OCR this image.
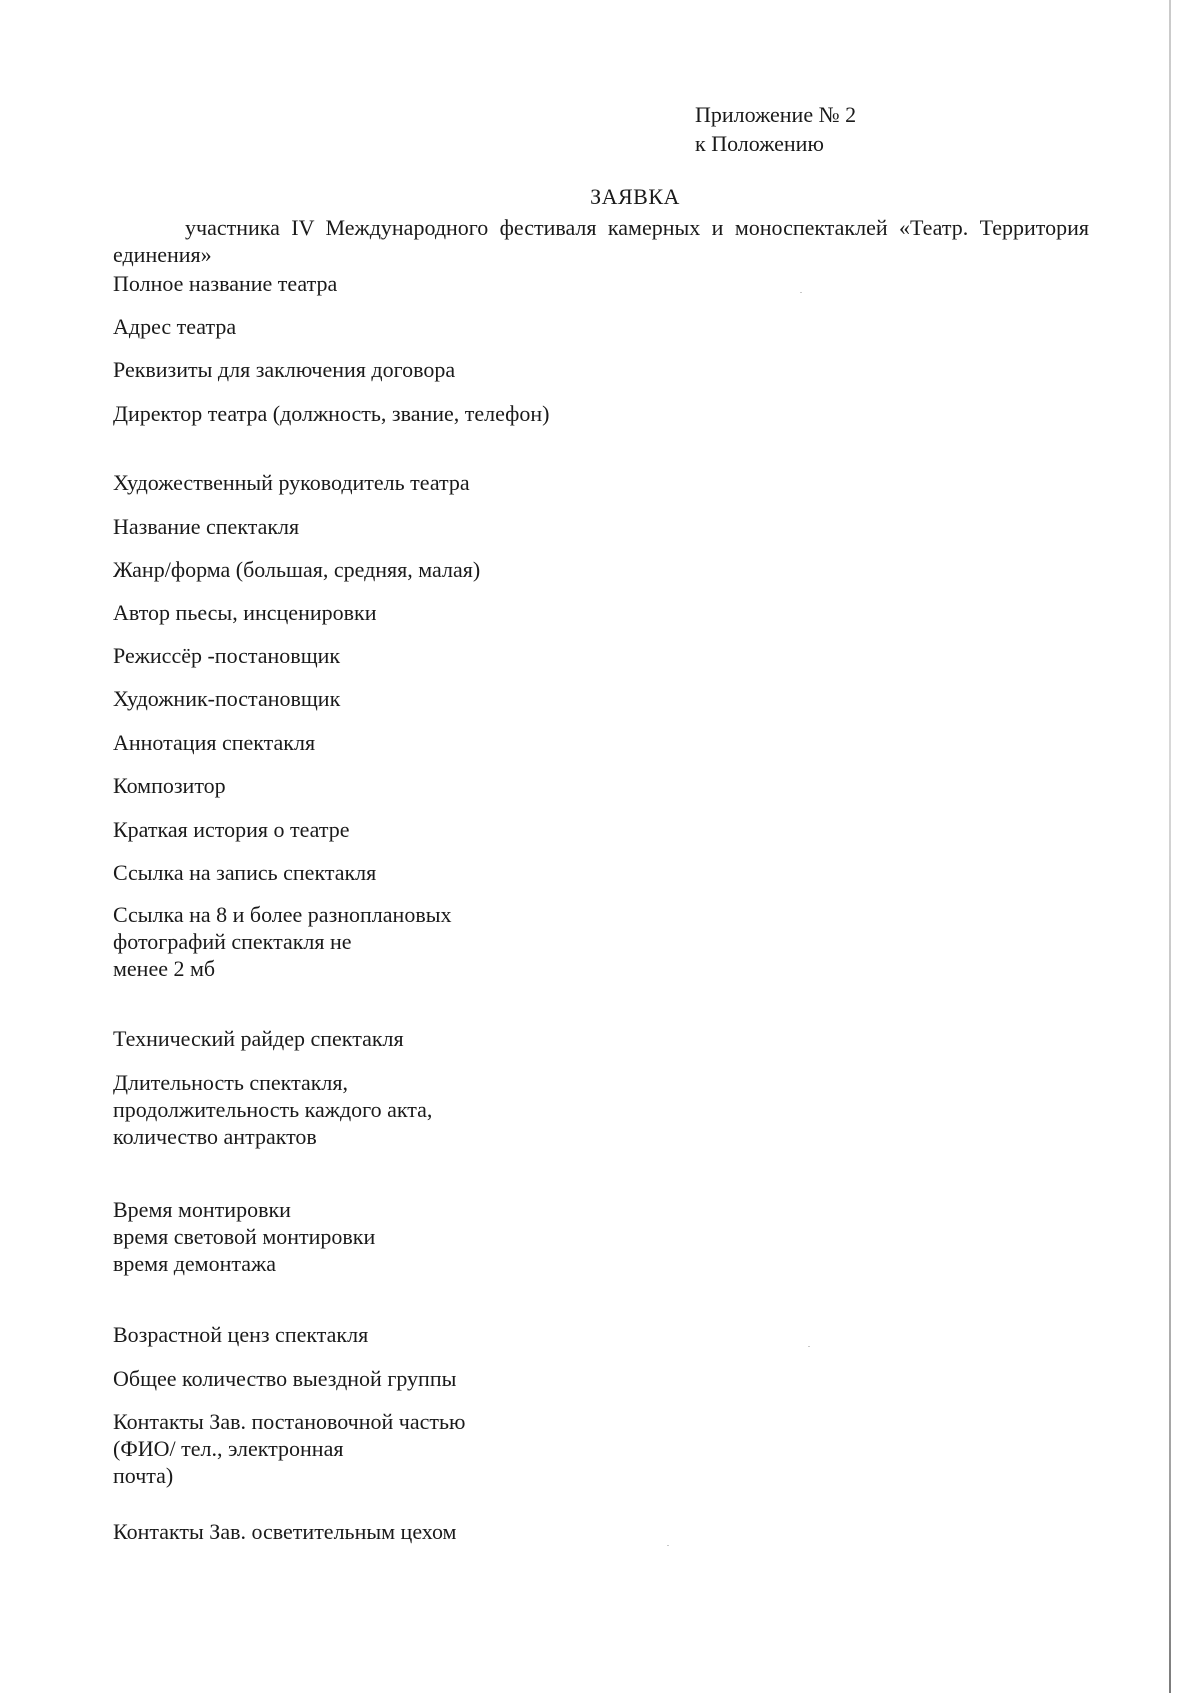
Приложение № 2
к Положению
ЗАЯВКА
участника IV Международного фестиваля камерных и моноспектаклей «Театр. Территория единения»
Полное название театра
Адрес театра
Реквизиты для заключения договора
Директор театра (должность, звание, телефон)
Художественный руководитель театра
Название спектакля
Жанр/форма (большая, средняя, малая)
Автор пьесы, инсценировки
Режиссёр -постановщик
Художник-постановщик
Аннотация спектакля
Композитор
Краткая история о театре
Ссылка на запись спектакля
Ссылка на 8 и более разноплановых
фотографий спектакля не
менее 2 мб
Технический райдер спектакля
Длительность спектакля,
продолжительность каждого акта,
количество антрактов
Время монтировки
время световой монтировки
время демонтажа
Возрастной ценз спектакля
Общее количество выездной группы
Контакты Зав. постановочной частью
(ФИО/ тел., электронная
почта)
Контакты Зав. осветительным цехом
